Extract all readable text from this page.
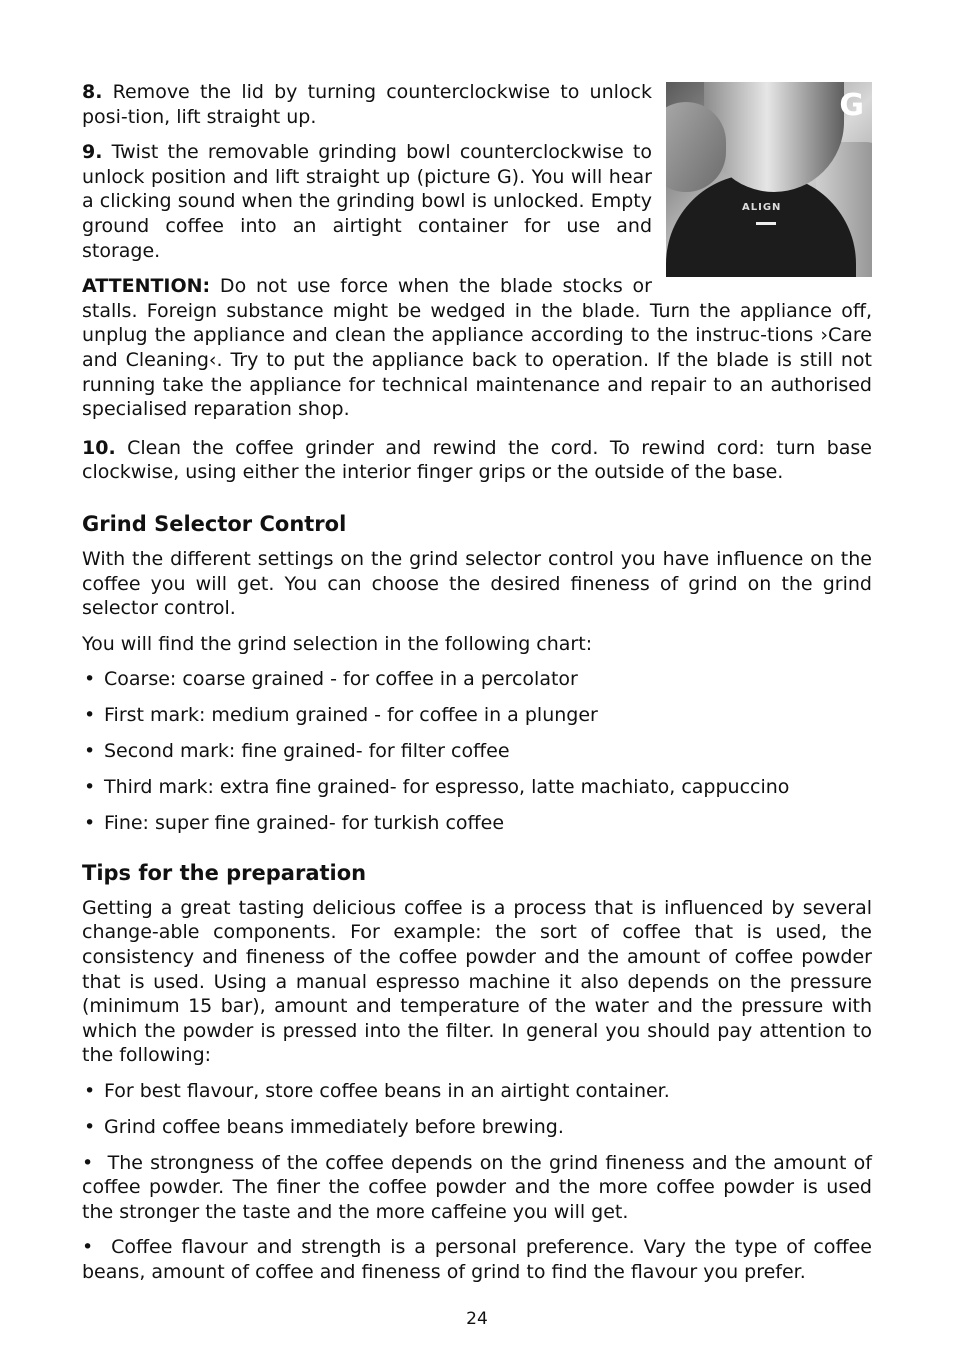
ALIGN
G

8. Remove the lid by turning counterclockwise to unlock posi-tion, lift straight up.

9. Twist the removable grinding bowl counterclockwise to unlock position and lift straight up (picture G). You will hear a clicking sound when the grinding bowl is unlocked. Empty ground coffee into an airtight container for use and storage.

ATTENTION: Do not use force when the blade stocks or stalls. Foreign substance might be wedged in the blade. Turn the appliance off, unplug the appliance and clean the appliance according to the instruc-tions ›Care and Cleaning‹. Try to put the appliance back to operation. If the blade is still not running take the appliance for technical maintenance and repair to an authorised specialised reparation shop.

10. Clean the coffee grinder and rewind the cord. To rewind cord: turn base clockwise, using either the interior finger grips or the outside of the base.

Grind Selector Control

With the different settings on the grind selector control you have influence on the coffee you will get. You can choose the desired fineness of grind on the grind selector control.

You will find the grind selection in the following chart:

• Coarse: coarse grained - for coffee in a percolator
• First mark: medium grained - for coffee in a plunger
• Second mark: fine grained- for filter coffee
• Third mark: extra fine grained- for espresso, latte machiato, cappuccino
• Fine: super fine grained- for turkish coffee
Tips for the preparation

Getting a great tasting delicious coffee is a process that is influenced by several change-able components. For example: the sort of coffee that is used, the consistency and fineness of the coffee powder and the amount of coffee powder that is used. Using a manual espresso machine it also depends on the pressure (minimum 15 bar), amount and temperature of the water and the pressure with which the powder is pressed into the filter. In general you should pay attention to the following:

• For best flavour, store coffee beans in an airtight container.
• Grind coffee beans immediately before brewing.

• The strongness of the coffee depends on the grind fineness and the amount of coffee powder. The finer the coffee powder and the more coffee powder is used the stronger the taste and the more caffeine you will get.

• Coffee flavour and strength is a personal preference. Vary the type of coffee beans, amount of coffee and fineness of grind to find the flavour you prefer.

24
